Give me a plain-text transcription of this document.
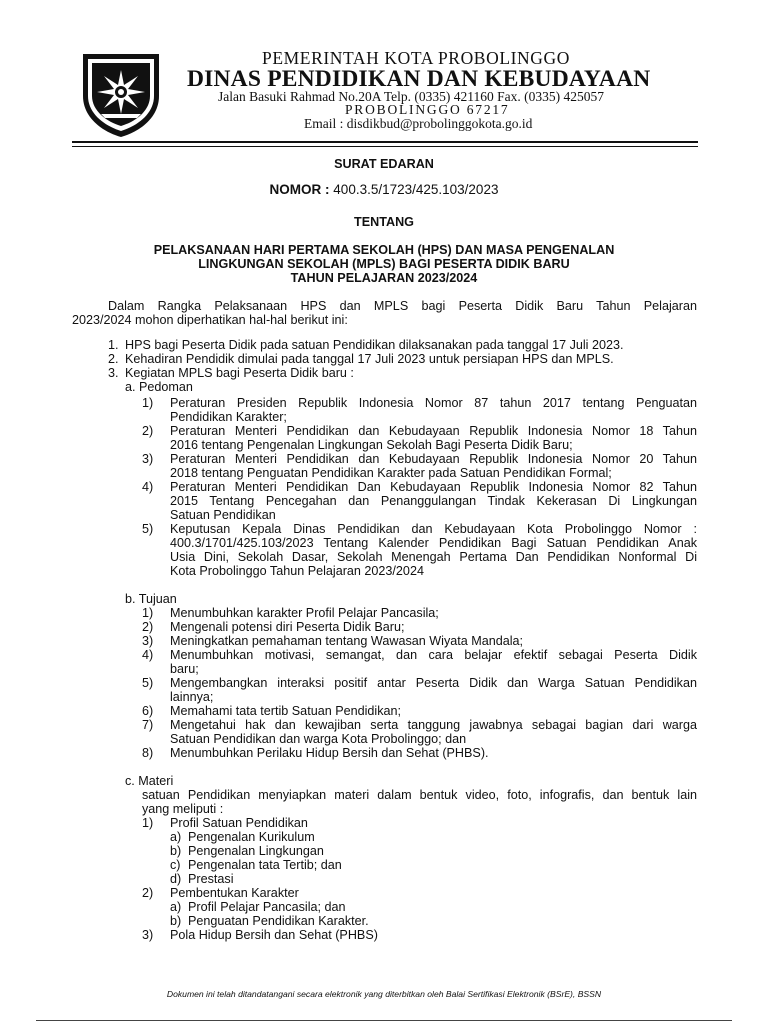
PEMERINTAH KOTA PROBOLINGGO
DINAS PENDIDIKAN DAN KEBUDAYAAN
Jalan Basuki Rahmad No.20A Telp. (0335) 421160 Fax. (0335) 425057
PROBOLINGGO 67217
Email : disdikbud@probolinggokota.go.id
SURAT EDARAN
NOMOR : 400.3.5/1723/425.103/2023
TENTANG
PELAKSANAAN HARI PERTAMA SEKOLAH (HPS) DAN MASA PENGENALAN
LINGKUNGAN SEKOLAH (MPLS) BAGI PESERTA DIDIK BARU
TAHUN PELAJARAN 2023/2024
Dalam Rangka Pelaksanaan HPS dan MPLS bagi Peserta Didik Baru Tahun Pelajaran
2023/2024 mohon diperhatikan hal-hal berikut ini:
1. HPS bagi Peserta Didik pada satuan Pendidikan dilaksanakan pada tanggal 17 Juli 2023.
2. Kehadiran Pendidik dimulai pada tanggal 17 Juli 2023 untuk persiapan HPS dan MPLS.
3. Kegiatan MPLS bagi Peserta Didik baru :
a. Pedoman
1) Peraturan Presiden Republik Indonesia Nomor 87 tahun 2017 tentang Penguatan
Pendidikan Karakter;
2) Peraturan Menteri Pendidikan dan Kebudayaan Republik Indonesia Nomor 18 Tahun
2016 tentang Pengenalan Lingkungan Sekolah Bagi Peserta Didik Baru;
3) Peraturan Menteri Pendidikan dan Kebudayaan Republik Indonesia Nomor 20 Tahun
2018 tentang Penguatan Pendidikan Karakter pada Satuan Pendidikan Formal;
4) Peraturan Menteri Pendidikan Dan Kebudayaan Republik Indonesia Nomor 82 Tahun
2015 Tentang Pencegahan dan Penanggulangan Tindak Kekerasan Di Lingkungan
Satuan Pendidikan
5) Keputusan Kepala Dinas Pendidikan dan Kebudayaan Kota Probolinggo Nomor :
400.3/1701/425.103/2023 Tentang Kalender Pendidikan Bagi Satuan Pendidikan Anak
Usia Dini, Sekolah Dasar, Sekolah Menengah Pertama Dan Pendidikan Nonformal Di
Kota Probolinggo Tahun Pelajaran 2023/2024
b. Tujuan
1) Menumbuhkan karakter Profil Pelajar Pancasila;
2) Mengenali potensi diri Peserta Didik Baru;
3) Meningkatkan pemahaman tentang Wawasan Wiyata Mandala;
4) Menumbuhkan motivasi, semangat, dan cara belajar efektif sebagai Peserta Didik
baru;
5) Mengembangkan interaksi positif antar Peserta Didik dan Warga Satuan Pendidikan
lainnya;
6) Memahami tata tertib Satuan Pendidikan;
7) Mengetahui hak dan kewajiban serta tanggung jawabnya sebagai bagian dari warga
Satuan Pendidikan dan warga Kota Probolinggo; dan
8) Menumbuhkan Perilaku Hidup Bersih dan Sehat (PHBS).
c. Materi
satuan Pendidikan menyiapkan materi dalam bentuk video, foto, infografis, dan bentuk lain
yang meliputi :
1) Profil Satuan Pendidikan
a) Pengenalan Kurikulum
b) Pengenalan Lingkungan
c) Pengenalan tata Tertib; dan
d) Prestasi
2) Pembentukan Karakter
a) Profil Pelajar Pancasila; dan
b) Penguatan Pendidikan Karakter.
3) Pola Hidup Bersih dan Sehat (PHBS)
Dokumen ini telah ditandatangani secara elektronik yang diterbitkan oleh Balai Sertifikasi Elektronik (BSrE), BSSN
